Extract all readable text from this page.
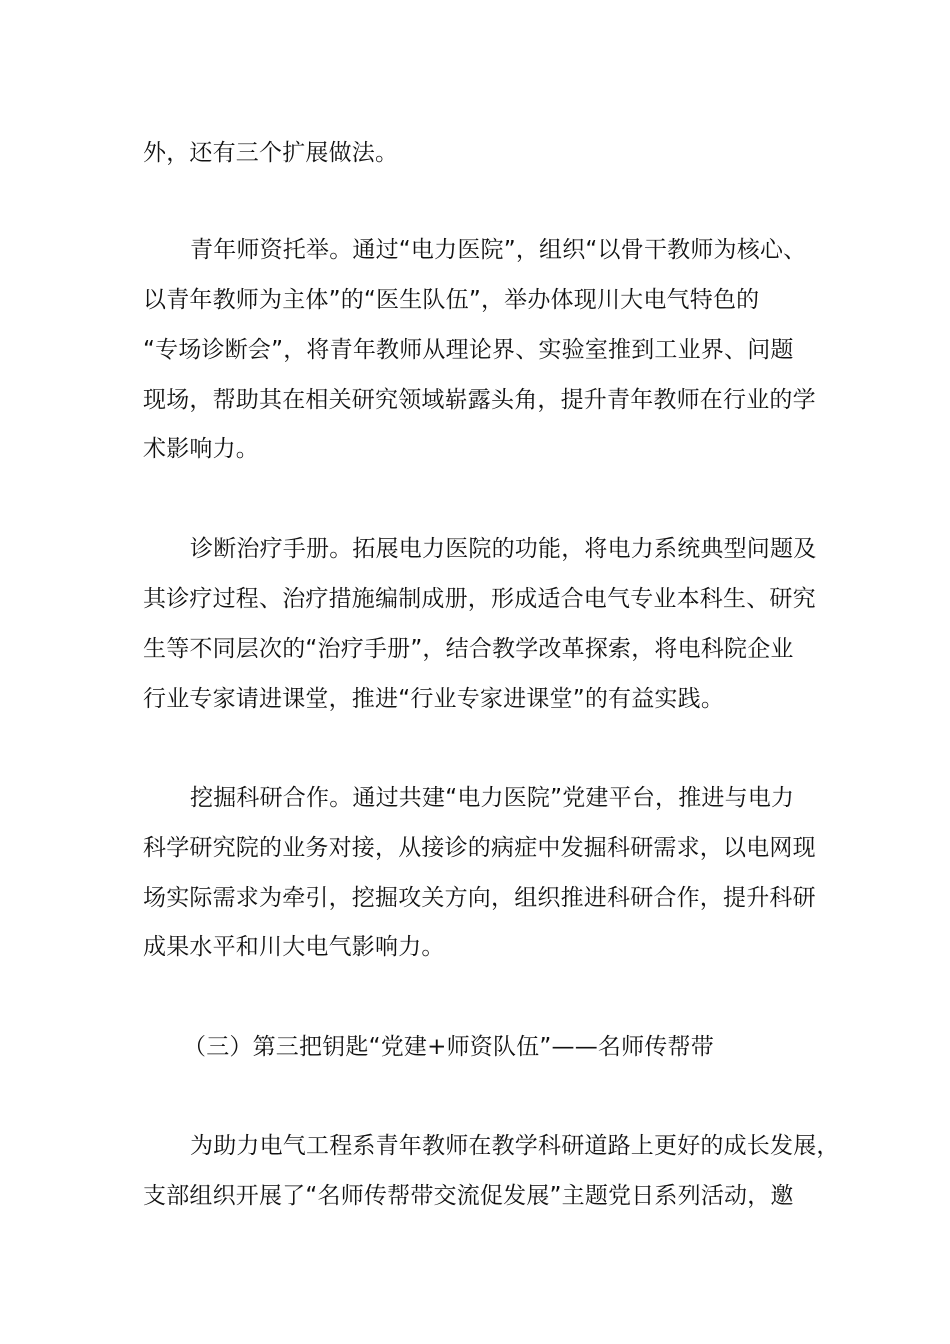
外，还有三个扩展做法。
青年师资托举。通过“电力医院”，组织“以骨干教师为核心、
以青年教师为主体”的“医生队伍”，举办体现川大电气特色的
“专场诊断会”，将青年教师从理论界、实验室推到工业界、问题
现场，帮助其在相关研究领域崭露头角，提升青年教师在行业的学
术影响力。
诊断治疗手册。拓展电力医院的功能，将电力系统典型问题及
其诊疗过程、治疗措施编制成册，形成适合电气专业本科生、研究
生等不同层次的“治疗手册”，结合教学改革探索，将电科院企业
行业专家请进课堂，推进“行业专家进课堂”的有益实践。
挖掘科研合作。通过共建“电力医院”党建平台，推进与电力
科学研究院的业务对接，从接诊的病症中发掘科研需求，以电网现
场实际需求为牵引，挖掘攻关方向，组织推进科研合作，提升科研
成果水平和川大电气影响力。
（三）第三把钥匙“党建+师资队伍”——名师传帮带
为助力电气工程系青年教师在教学科研道路上更好的成长发展，
支部组织开展了“名师传帮带交流促发展”主题党日系列活动，邀
